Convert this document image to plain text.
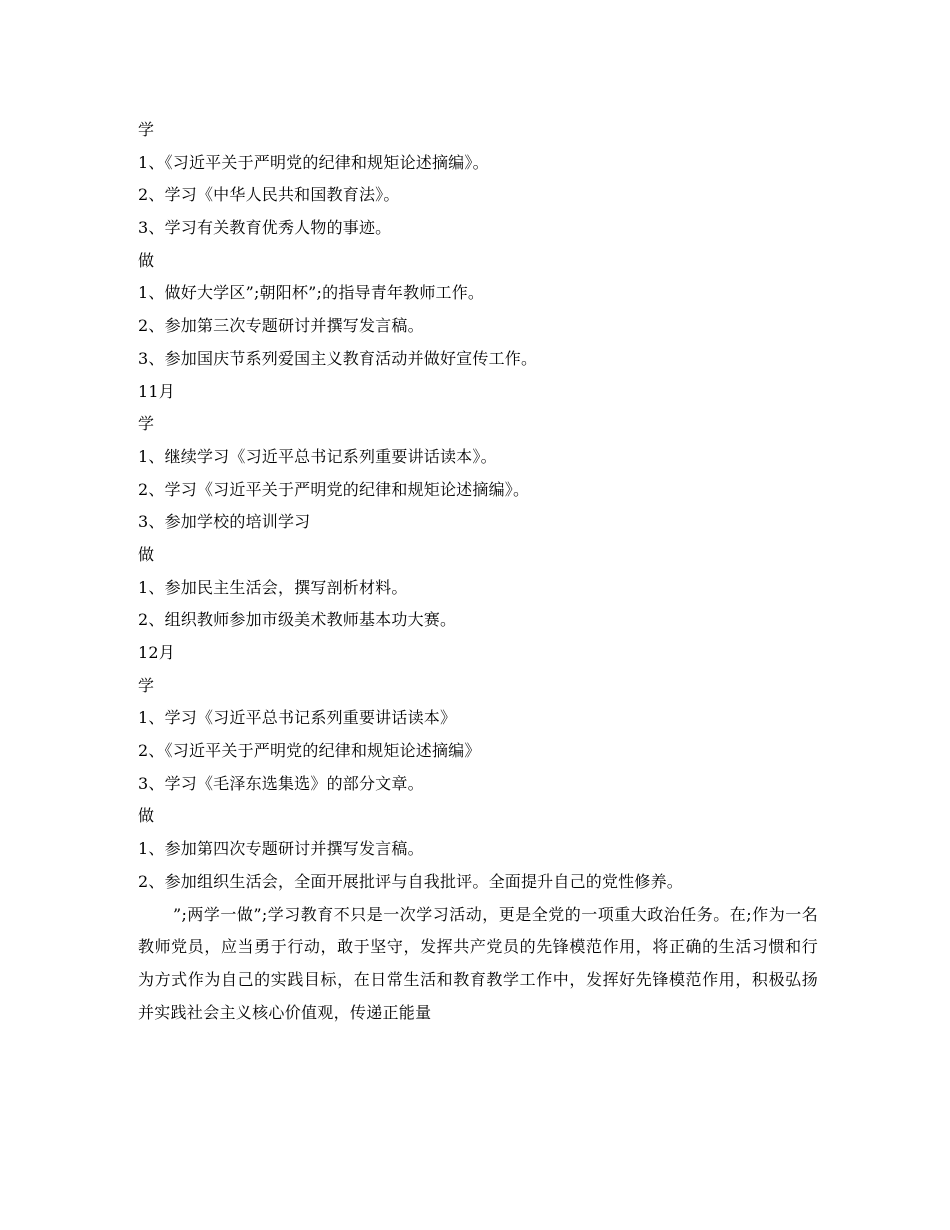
学
1、《习近平关于严明党的纪律和规矩论述摘编》。
2、学习《中华人民共和国教育法》。
3、学习有关教育优秀人物的事迹。
做
1、做好大学区”;朝阳杯”;的指导青年教师工作。
2、参加第三次专题研讨并撰写发言稿。
3、参加国庆节系列爱国主义教育活动并做好宣传工作。
11月
学
1、继续学习《习近平总书记系列重要讲话读本》。
2、学习《习近平关于严明党的纪律和规矩论述摘编》。
3、参加学校的培训学习
做
1、参加民主生活会，撰写剖析材料。
2、组织教师参加市级美术教师基本功大赛。
12月
学
1、学习《习近平总书记系列重要讲话读本》
2、《习近平关于严明党的纪律和规矩论述摘编》
3、学习《毛泽东选集选》的部分文章。
做
1、参加第四次专题研讨并撰写发言稿。
2、参加组织生活会，全面开展批评与自我批评。全面提升自己的党性修养。
”;两学一做”;学习教育不只是一次学习活动，更是全党的一项重大政治任务。在;作为一名教师党员，应当勇于行动，敢于坚守，发挥共产党员的先锋模范作用，将正确的生活习惯和行为方式作为自己的实践目标，在日常生活和教育教学工作中，发挥好先锋模范作用，积极弘扬并实践社会主义核心价值观，传递正能量
